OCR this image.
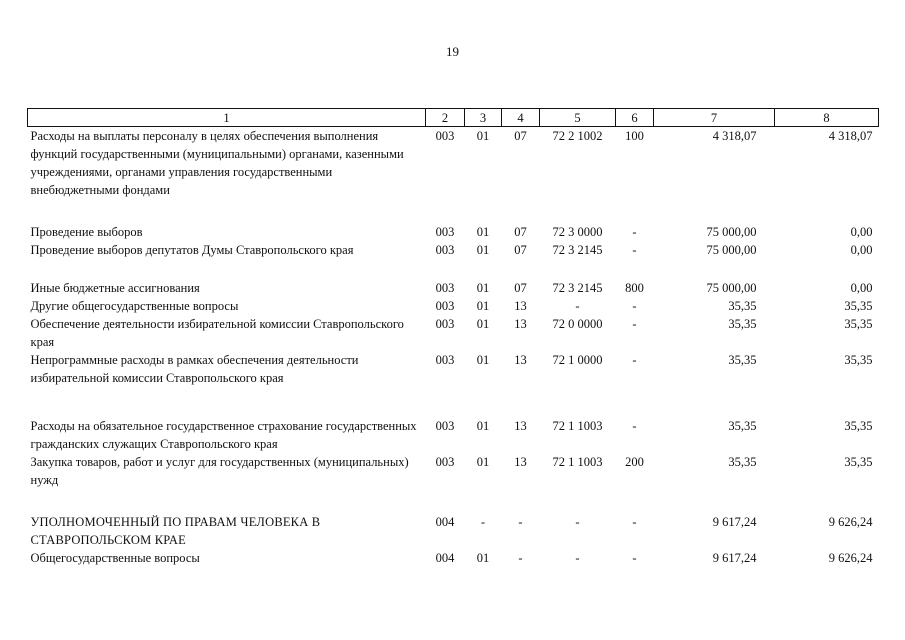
19
1	2	3	4	5	6	7	8
Расходы на выплаты персоналу в целях обеспечения выполнения функций государственными (муниципальными) органами, казенными учреждениями, органами управления государственными внебюджетными фондами	003	01	07	72 2 1002	100	4 318,07	4 318,07
Проведение выборов	003	01	07	72 3 0000	-	75 000,00	0,00
Проведение выборов депутатов Думы Ставропольского края	003	01	07	72 3 2145	-	75 000,00	0,00
Иные бюджетные ассигнования	003	01	07	72 3 2145	800	75 000,00	0,00
Другие общегосударственные вопросы	003	01	13	-	-	35,35	35,35
Обеспечение деятельности избирательной комиссии Ставропольского края	003	01	13	72 0 0000	-	35,35	35,35
Непрограммные расходы в рамках обеспечения деятельности избирательной комиссии Ставропольского края	003	01	13	72 1 0000	-	35,35	35,35
Расходы на обязательное государственное страхование государственных гражданских служащих Ставропольского края	003	01	13	72 1 1003	-	35,35	35,35
Закупка товаров, работ и услуг для государственных (муниципальных) нужд	003	01	13	72 1 1003	200	35,35	35,35
УПОЛНОМОЧЕННЫЙ ПО ПРАВАМ ЧЕЛОВЕКА В СТАВРОПОЛЬСКОМ КРАЕ	004	-	-	-	-	9 617,24	9 626,24
Общегосударственные вопросы	004	01	-	-	-	9 617,24	9 626,24
